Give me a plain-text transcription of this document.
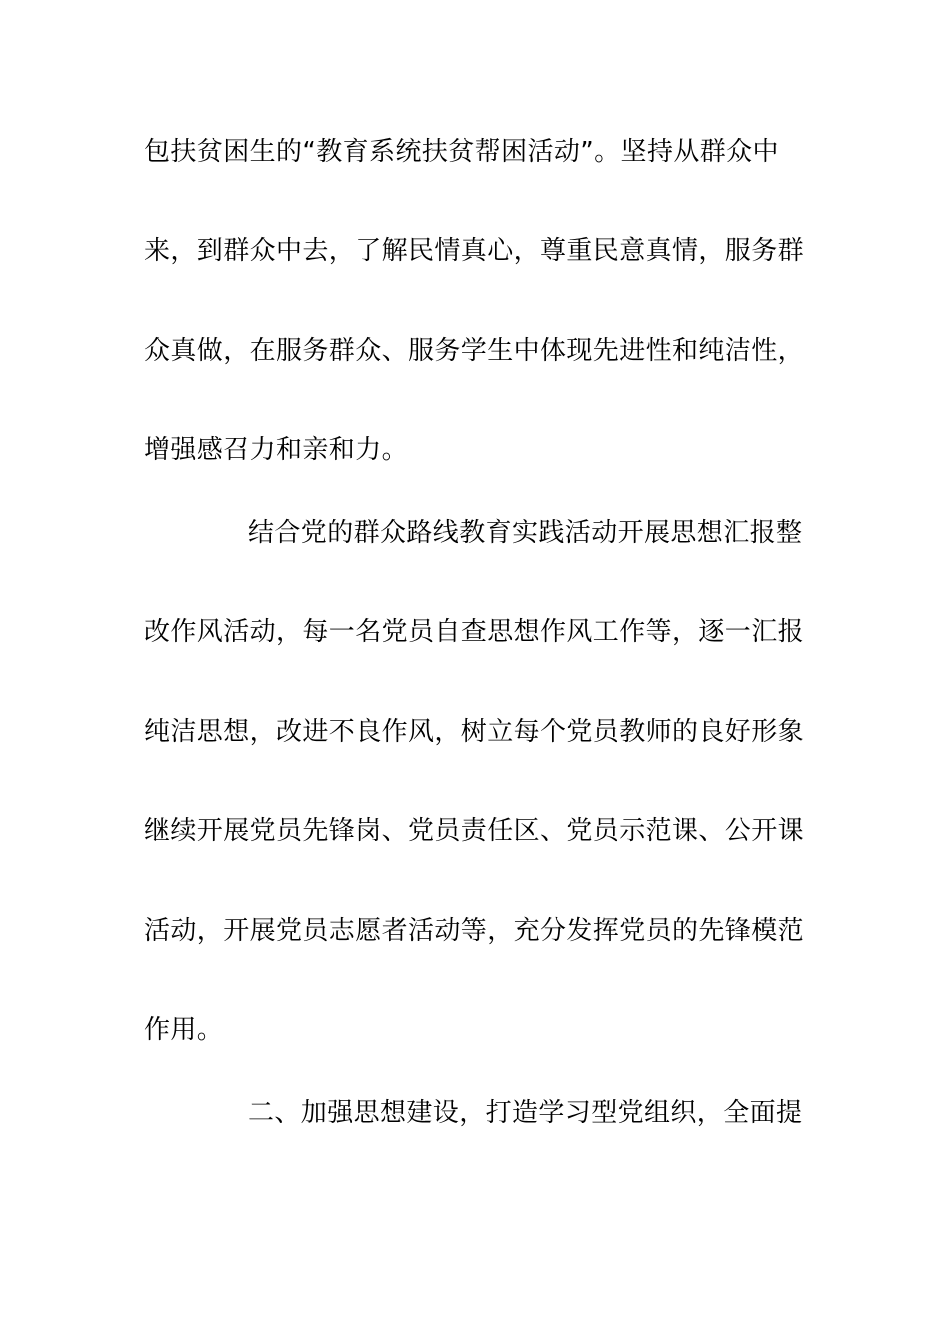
包扶贫困生的“教育系统扶贫帮困活动”。坚持从群众中
来，到群众中去，了解民情真心，尊重民意真情，服务群
众真做，在服务群众、服务学生中体现先进性和纯洁性，
增强感召力和亲和力。
结合党的群众路线教育实践活动开展思想汇报整
改作风活动，每一名党员自查思想作风工作等，逐一汇报
纯洁思想，改进不良作风，树立每个党员教师的良好形象
继续开展党员先锋岗、党员责任区、党员示范课、公开课
活动，开展党员志愿者活动等，充分发挥党员的先锋模范
作用。
二、加强思想建设，打造学习型党组织，全面提
